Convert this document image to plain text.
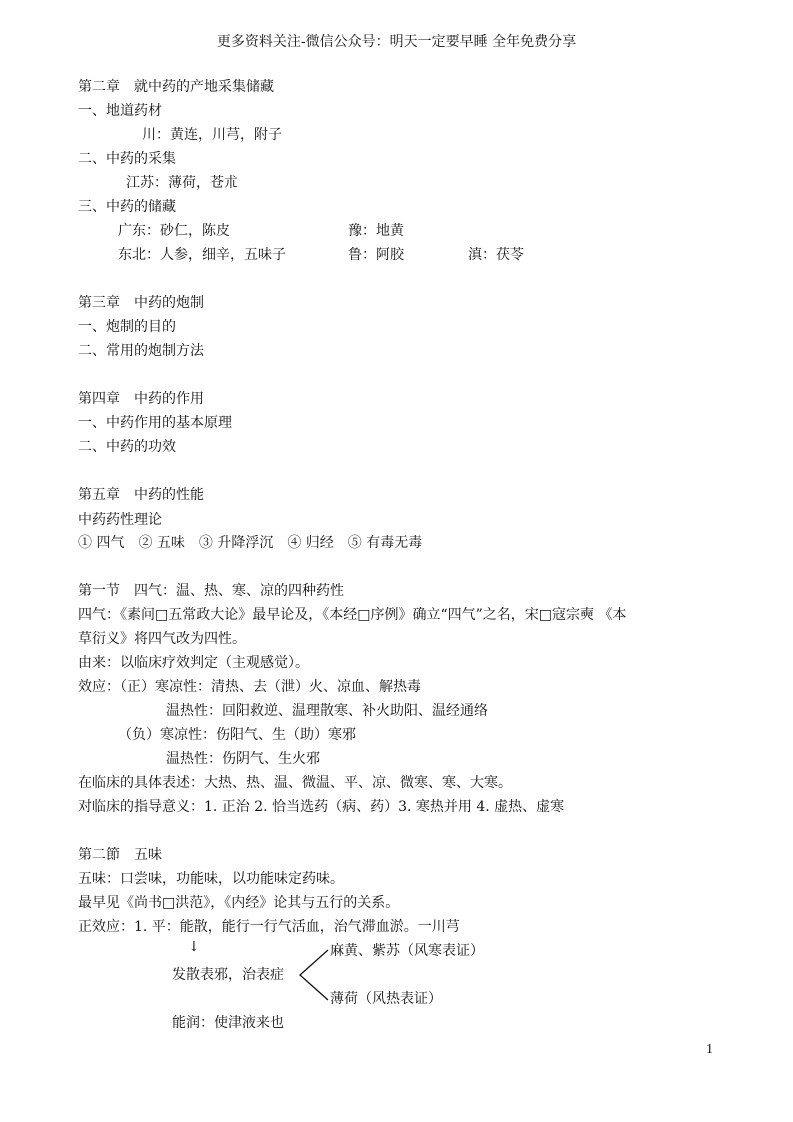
更多资料关注-微信公众号：明天一定要早睡 全年免费分享
第二章　就中药的产地采集储藏
一、地道药材
川：黄连，川芎，附子
二、中药的采集
江苏：薄荷，苍朮
三、中药的储藏
广东：砂仁，陈皮	豫：地黄
东北：人参，细辛，五味子	鲁：阿胶	滇：茯苓
第三章　中药的炮制
一、炮制的目的
二、常用的炮制方法
第四章　中药的作用
一、中药作用的基本原理
二、中药的功效
第五章　中药的性能
中药药性理论
① 四气　② 五味　③ 升降浮沉　④ 归经　⑤ 有毒无毒
第一节　四气：温、热、寒、凉的四种药性
四气：《素问□五常政大论》最早论及，《本经□序例》确立“四气”之名，宋□寇宗奭 《本
草衍义》将四气改为四性。
由来：以临床疗效判定（主观感觉）。
效应：（正）寒凉性：清热、去（泄）火、凉血、解热毒
温热性：回阳救逆、温理散寒、补火助阳、温经通络
（负）寒凉性：伤阳气、生（助）寒邪
温热性：伤阴气、生火邪
在临床的具体表述：大热、热、温、微温、平、凉、微寒、寒、大寒。
对临床的指导意义：1. 正治 2. 恰当选药（病、药）3. 寒热并用 4. 虚热、虚寒
第二節　五味
五味：口尝味，功能味，以功能味定药味。
最早见《尚书□洪范》，《内经》论其与五行的关系。
正效应：1. 平：能散，能行一行气活血，治气滞血淤。一川芎
↓	麻黄、紫苏（风寒表证）
发散表邪，治表症
薄荷（风热表证）
能润：使津液来也
1
